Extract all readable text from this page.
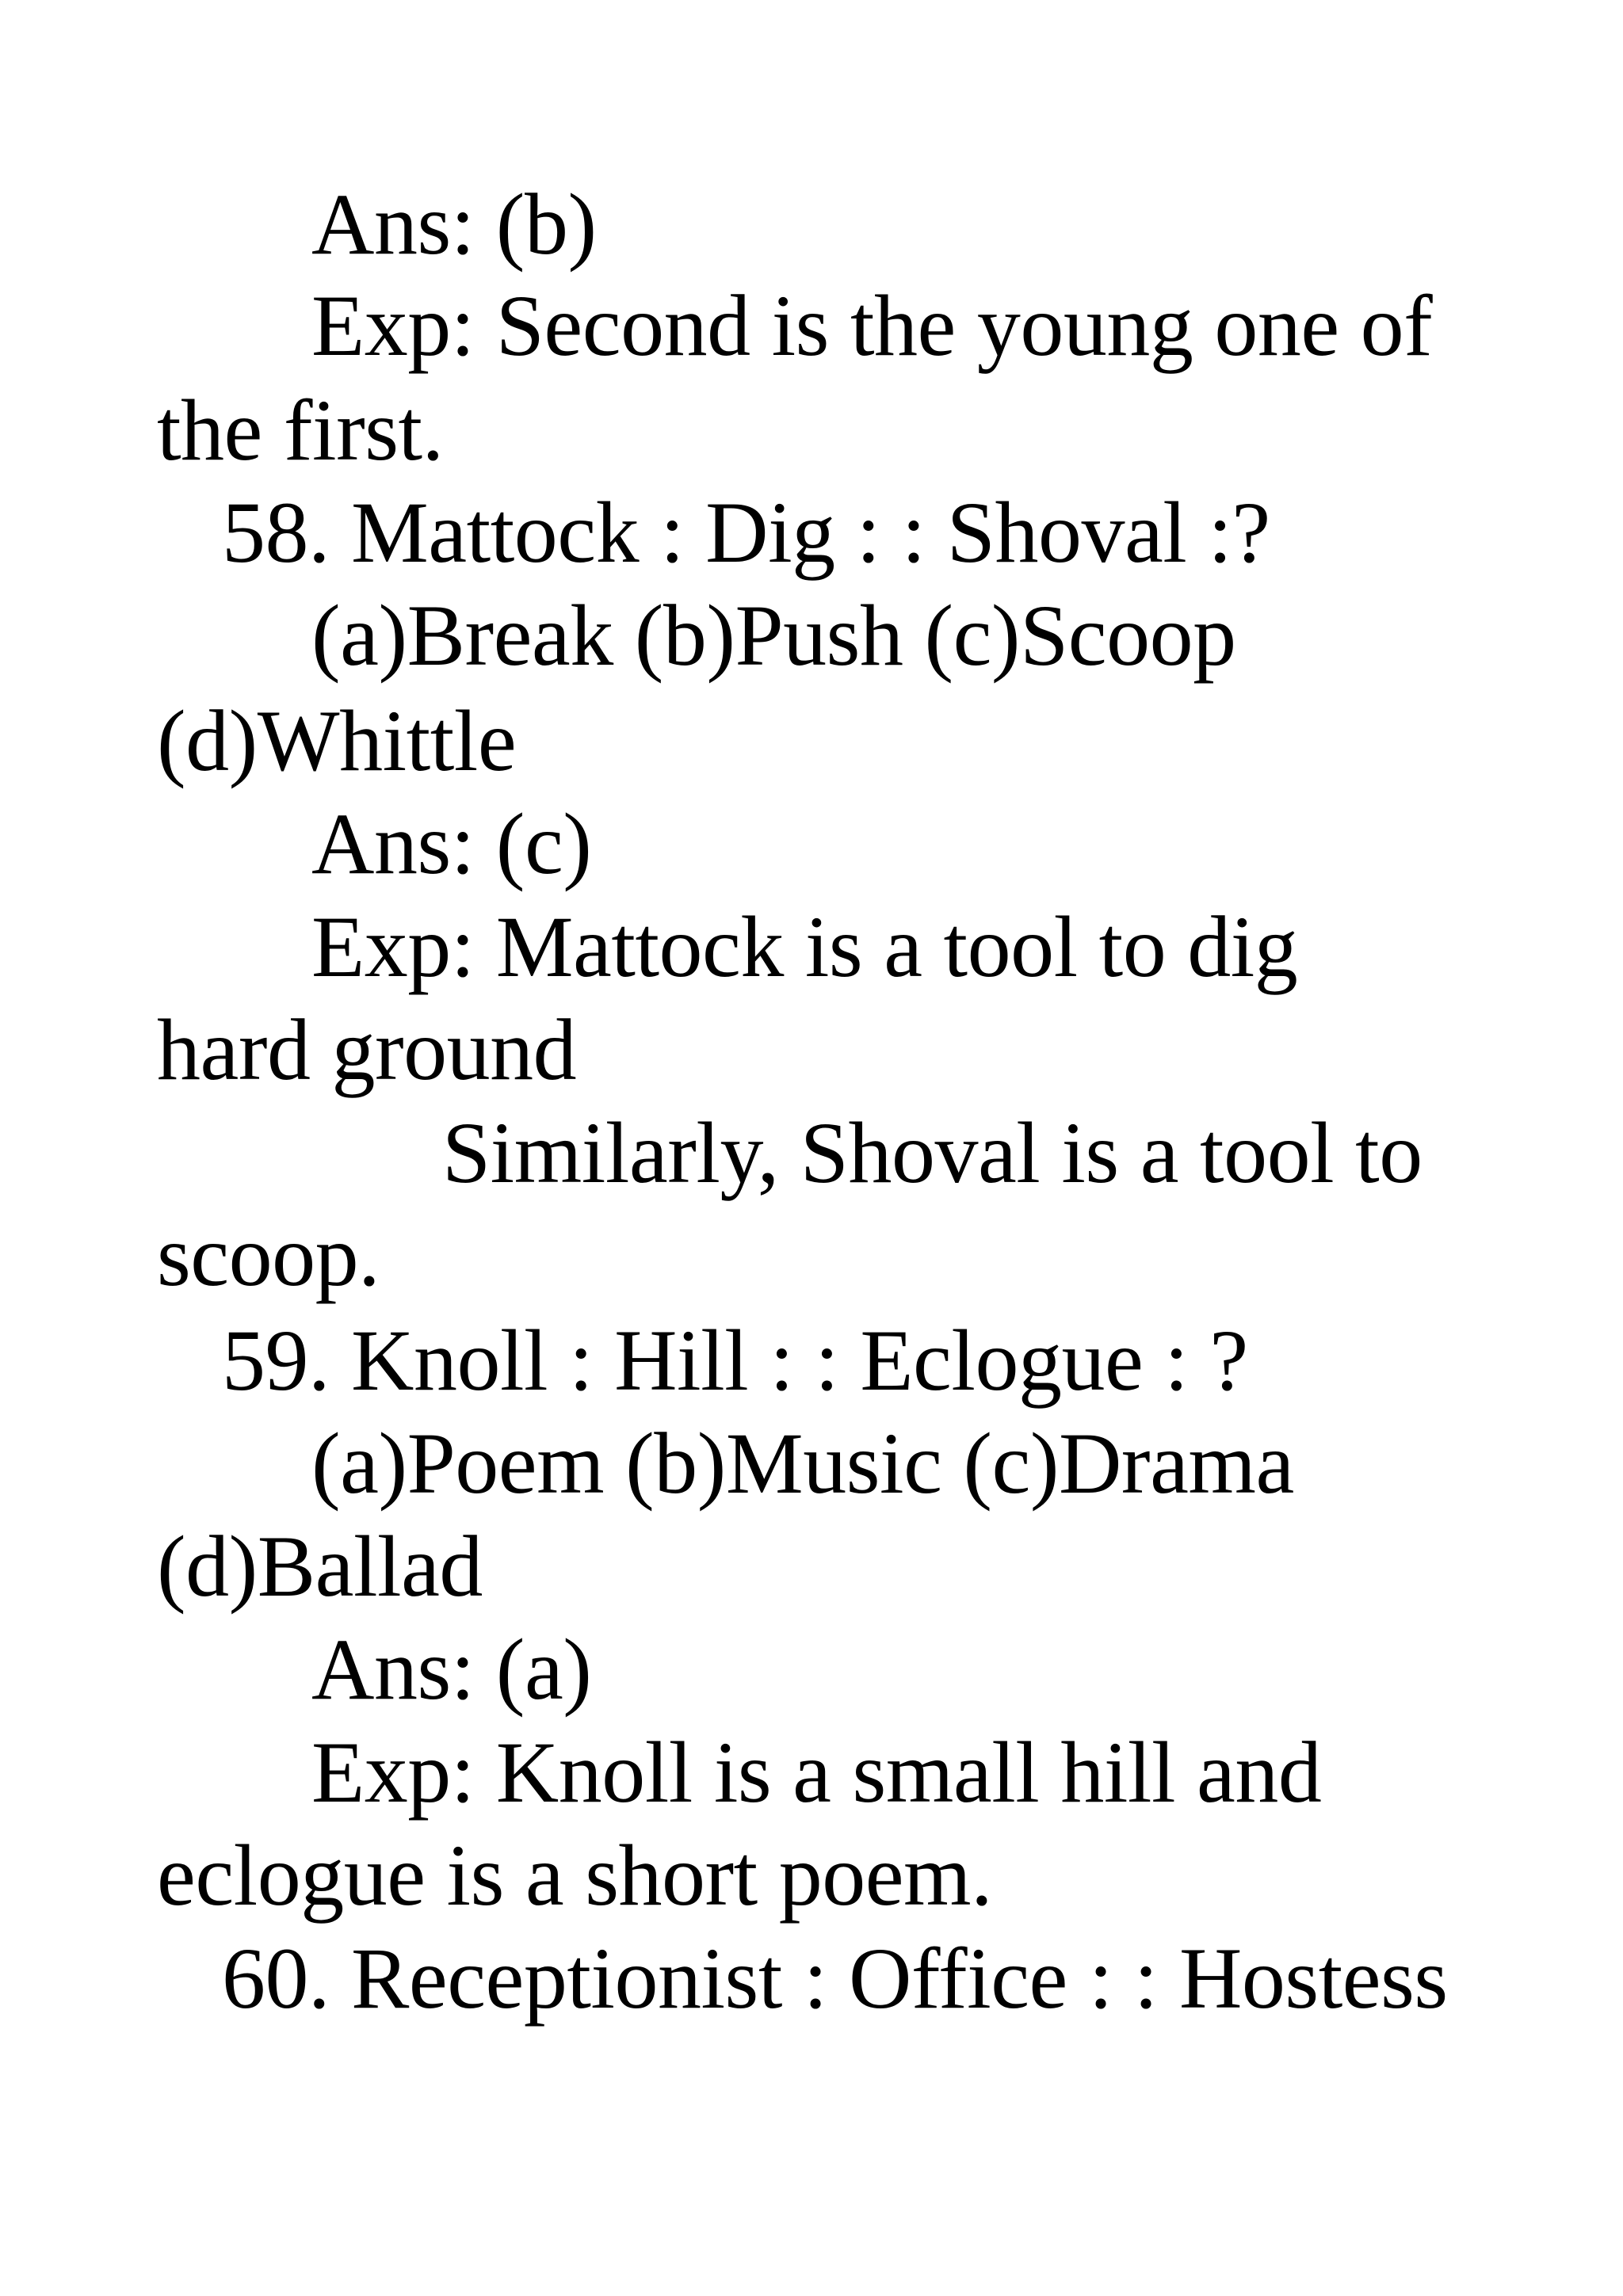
Ans: (b)

Exp: Second is the young one of

the first.

58. Mattock : Dig : : Shoval :?

(a)Break (b)Push (c)Scoop

(d)Whittle

Ans: (c)

Exp: Mattock is a tool to dig

hard ground

Similarly, Shoval is a tool to

scoop.

59. Knoll : Hill : : Eclogue : ?

(a)Poem (b)Music (c)Drama

(d)Ballad

Ans: (a)

Exp: Knoll is a small hill and

eclogue is a short poem.

60. Receptionist : Office : : Hostess
